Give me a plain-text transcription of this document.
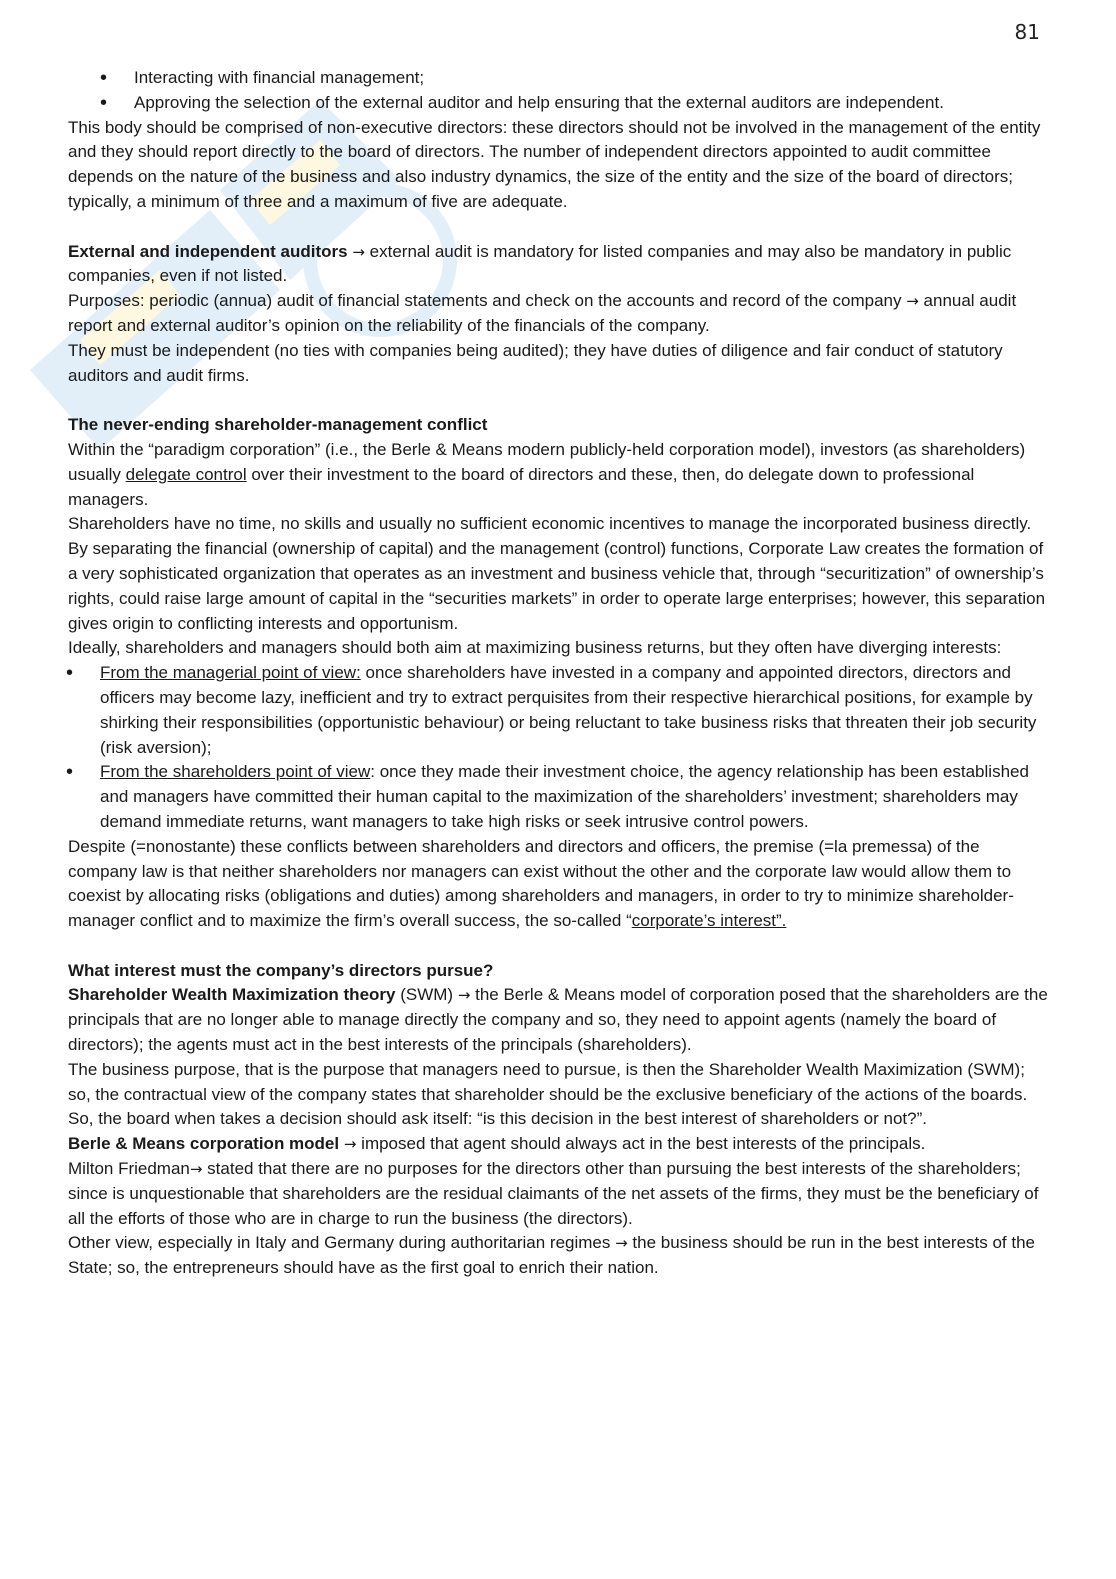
81
• Interacting with financial management;
• Approving the selection of the external auditor and help ensuring that the external auditors are independent.

This body should be comprised of non-executive directors: these directors should not be involved in the management of the entity and they should report directly to the board of directors. The number of independent directors appointed to audit committee depends on the nature of the business and also industry dynamics, the size of the entity and the size of the board of directors; typically, a minimum of three and a maximum of five are adequate.

External and independent auditors → external audit is mandatory for listed companies and may also be mandatory in public companies, even if not listed.

Purposes: periodic (annua) audit of financial statements and check on the accounts and record of the company → annual audit report and external auditor’s opinion on the reliability of the financials of the company.

They must be independent (no ties with companies being audited); they have duties of diligence and fair conduct of statutory auditors and audit firms.

The never-ending shareholder-management conflict

Within the “paradigm corporation” (i.e., the Berle & Means modern publicly-held corporation model), investors (as shareholders) usually delegate control over their investment to the board of directors and these, then, do delegate down to professional managers.

Shareholders have no time, no skills and usually no sufficient economic incentives to manage the incorporated business directly.

By separating the financial (ownership of capital) and the management (control) functions, Corporate Law creates the formation of a very sophisticated organization that operates as an investment and business vehicle that, through “securitization” of ownership’s rights, could raise large amount of capital in the “securities markets” in order to operate large enterprises; however, this separation gives origin to conflicting interests and opportunism.

Ideally, shareholders and managers should both aim at maximizing business returns, but they often have diverging interests:

• From the managerial point of view: once shareholders have invested in a company and appointed directors, directors and officers may become lazy, inefficient and try to extract perquisites from their respective hierarchical positions, for example by shirking their responsibilities (opportunistic behaviour) or being reluctant to take business risks that threaten their job security (risk aversion);
• From the shareholders point of view: once they made their investment choice, the agency relationship has been established and managers have committed their human capital to the maximization of the shareholders’ investment; shareholders may demand immediate returns, want managers to take high risks or seek intrusive control powers.

Despite (=nonostante) these conflicts between shareholders and directors and officers, the premise (=la premessa) of the company law is that neither shareholders nor managers can exist without the other and the corporate law would allow them to coexist by allocating risks (obligations and duties) among shareholders and managers, in order to try to minimize shareholder-manager conflict and to maximize the firm’s overall success, the so-called “corporate’s interest”.

What interest must the company’s directors pursue?

Shareholder Wealth Maximization theory (SWM) → the Berle & Means model of corporation posed that the shareholders are the principals that are no longer able to manage directly the company and so, they need to appoint agents (namely the board of directors); the agents must act in the best interests of the principals (shareholders).

The business purpose, that is the purpose that managers need to pursue, is then the Shareholder Wealth Maximization (SWM); so, the contractual view of the company states that shareholder should be the exclusive beneficiary of the actions of the boards. So, the board when takes a decision should ask itself: “is this decision in the best interest of shareholders or not?”.

Berle & Means corporation model → imposed that agent should always act in the best interests of the principals.

Milton Friedman→ stated that there are no purposes for the directors other than pursuing the best interests of the shareholders; since is unquestionable that shareholders are the residual claimants of the net assets of the firms, they must be the beneficiary of all the efforts of those who are in charge to run the business (the directors).

Other view, especially in Italy and Germany during authoritarian regimes → the business should be run in the best interests of the State; so, the entrepreneurs should have as the first goal to enrich their nation.
